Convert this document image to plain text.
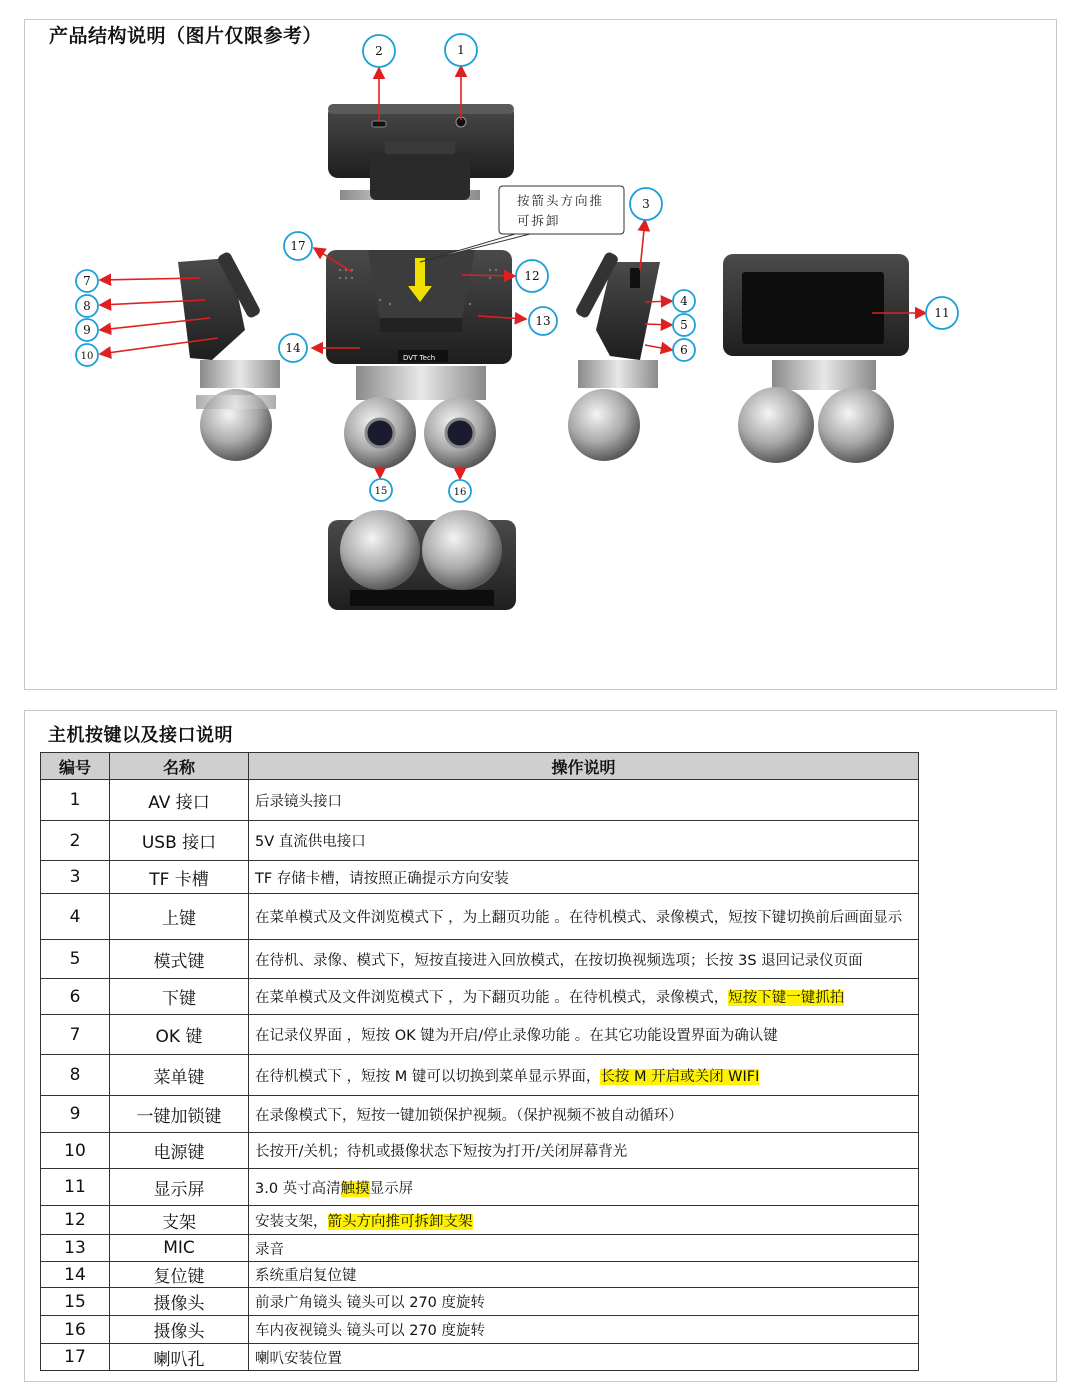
产品结构说明（图片仅限参考）
DVT Tech
1
2
3
4
5
6
7
8
9
10
11
12
13
14
15	16
17
按箭头方向推可拆卸
主机按键以及接口说明
编号	名称	操作说明
1	AV 接口	后录镜头接口
2	USB 接口	5V 直流供电接口
3	TF 卡槽	TF 存储卡槽，请按照正确提示方向安装
4	上键	在菜单模式及文件浏览模式下 ，为上翻页功能 。在待机模式、录像模式，短按下键切换前后画面显示
5	模式键	在待机、录像、模式下，短按直接进入回放模式，在按切换视频选项；长按 3S 退回记录仪页面
6	下键	在菜单模式及文件浏览模式下 ，为下翻页功能 。在待机模式，录像模式，短按下键一键抓拍
7	OK 键	在记录仪界面 ，短按 OK 键为开启/停止录像功能 。在其它功能设置界面为确认键
8	菜单键	在待机模式下 ，短按 M 键可以切换到菜单显示界面，长按 M 开启或关闭 WIFI
9	一键加锁键	在录像模式下，短按一键加锁保护视频。（保护视频不被自动循环）
10	电源键	长按开/关机；待机或摄像状态下短按为打开/关闭屏幕背光
11	显示屏	3.0 英寸高清触摸显示屏
12	支架	安装支架，箭头方向推可拆卸支架
13	MIC	录音
14	复位键	系统重启复位键
15	摄像头	前录广角镜头 镜头可以 270 度旋转
16	摄像头	车内夜视镜头 镜头可以 270 度旋转
17	喇叭孔	喇叭安装位置
